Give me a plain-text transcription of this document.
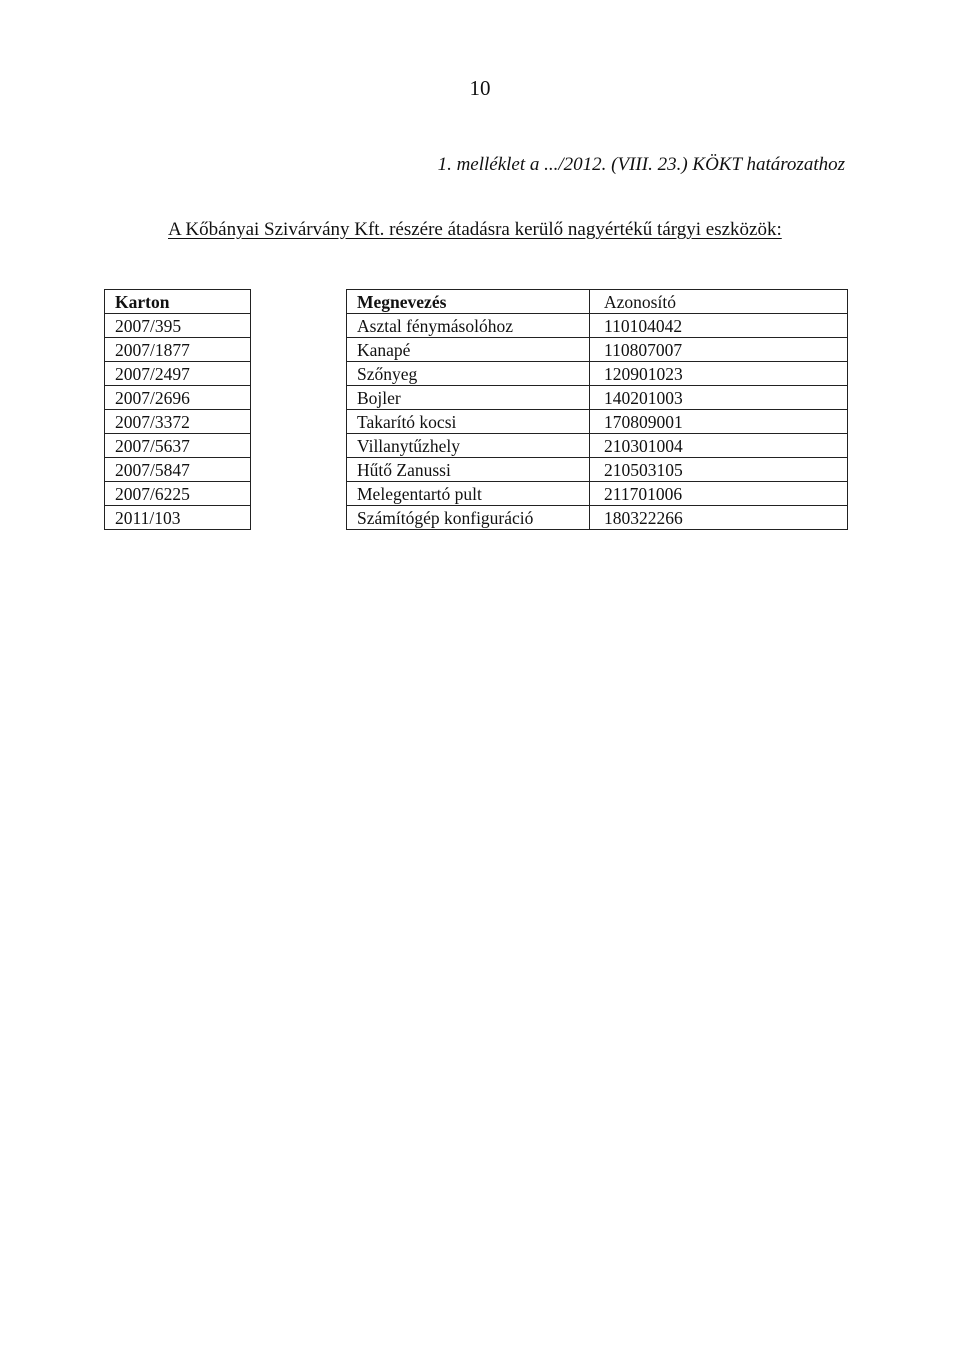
10
1. melléklet a .../2012. (VIII. 23.) KÖKT határozathoz
A Kőbányai Szivárvány Kft. részére átadásra kerülő nagyértékű tárgyi eszközök:
Karton		Megnevezés	Azonosító
2007/395		Asztal fénymásolóhoz	110104042
2007/1877		Kanapé	110807007
2007/2497		Szőnyeg	120901023
2007/2696		Bojler	140201003
2007/3372		Takarító kocsi	170809001
2007/5637		Villanytűzhely	210301004
2007/5847		Hűtő Zanussi	210503105
2007/6225		Melegentartó pult	211701006
2011/103		Számítógép konfiguráció	180322266
